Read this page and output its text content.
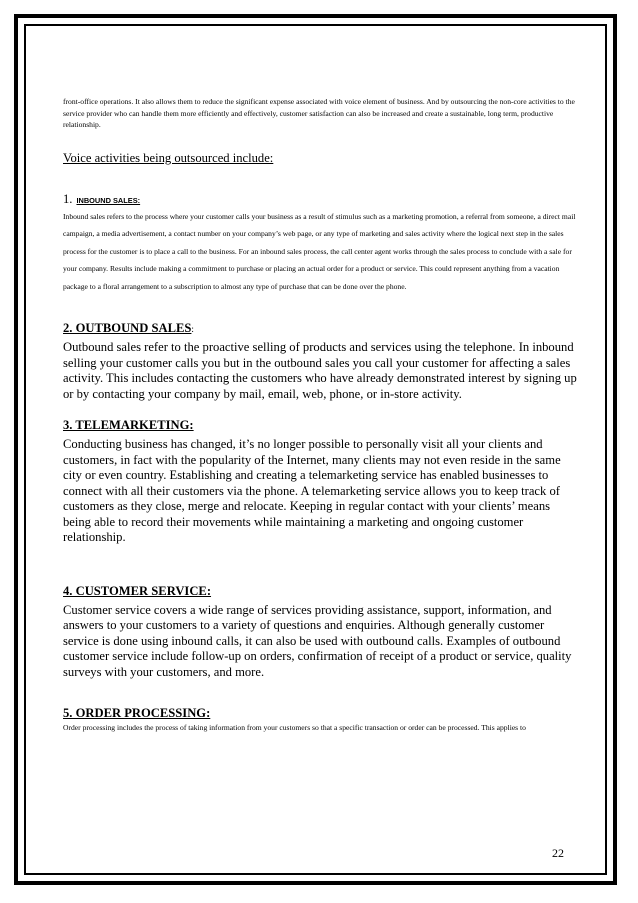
front-office operations. It also allows them to reduce the significant expense associated with voice element of business. And by outsourcing the non-core activities to the service provider who can handle them more efficiently and effectively, customer satisfaction can also be increased and create a sustainable, long term, productive relationship.

Voice activities being outsourced include:

1. INBOUND SALES:

Inbound sales refers to the process where your customer calls your business as a result of stimulus such as a marketing promotion, a referral from someone, a direct mail campaign, a media advertisement, a contact number on your company’s web page, or any type of marketing and sales activity where the logical next step in the sales process for the customer is to place a call to the business. For an inbound sales process, the call center agent works through the sales process to conclude with a sale for your company. Results include making a commitment to purchase or placing an actual order for a product or service. This could represent anything from a vacation package to a floral arrangement to a subscription to almost any type of purchase that can be done over the phone.

2. OUTBOUND SALES:

Outbound sales refer to the proactive selling of products and services using the telephone. In inbound selling your customer calls you but in the outbound sales you call your customer for affecting a sales activity. This includes contacting the customers who have already demonstrated interest by signing up or by contacting your company by mail, email, web, phone, or in-store activity.

3. TELEMARKETING:

Conducting business has changed, it’s no longer possible to personally visit all your clients and customers, in fact with the popularity of the Internet, many clients may not even reside in the same city or even country. Establishing and creating a telemarketing service has enabled businesses to connect with all their customers via the phone. A telemarketing service allows you to keep track of customers as they close, merge and relocate. Keeping in regular contact with your clients’ means being able to record their movements while maintaining a marketing and ongoing customer relationship.

4. CUSTOMER SERVICE:

Customer service covers a wide range of services providing assistance, support, information, and answers to your customers to a variety of questions and enquiries. Although generally customer service is done using inbound calls, it can also be used with outbound calls. Examples of outbound customer service include follow-up on orders, confirmation of receipt of a product or service, quality surveys with your customers, and more.

5. ORDER PROCESSING:

Order processing includes the process of taking information from your customers so that a specific transaction or order can be processed. This applies to

22
